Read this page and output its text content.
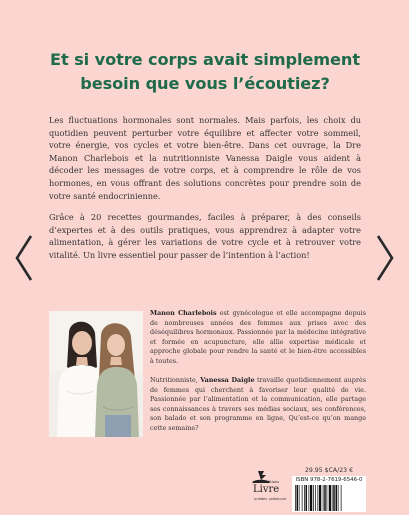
Et si votre corps avait simplement
besoin que vous l’écoutiez?

Les fluctuations hormonales sont normales. Mais parfois, les choix du quotidien peuvent perturber votre équilibre et affecter votre sommeil, votre énergie, vos cycles et votre bien-être. Dans cet ouvrage, la Dre Manon Charlebois et la nutritionniste Vanessa Daigle vous aident à décoder les messages de votre corps, et à comprendre le rôle de vos hormones, en vous offrant des solutions concrètes pour prendre soin de votre santé endocrinienne.

Grâce à 20 recettes gourmandes, faciles à préparer, à des conseils d’expertes et à des outils pratiques, vous apprendrez à adapter votre alimentation, à gérer les variations de votre cycle et à retrouver votre vitalité. Un livre essentiel pour passer de l’intention à l’action!

Manon Charlebois est gynécologue et elle accompagne depuis de nombreuses années des femmes aux prises avec des déséquilibres hormonaux. Passionnée par la médecine intégrative et formée en acupuncture, elle allie expertise médicale et approche globale pour rendre la santé et le bien-être accessibles à toutes.

Nutritionniste, Vanessa Daigle travaille quotidiennement auprès de femmes qui cherchent à favoriser leur qualité de vie. Passionnée par l’alimentation et la communication, elle partage ses connaissances à travers ses médias sociaux, ses conférences, son balado et son programme en ligne, Qu’est-ce qu’on mange cette semaine?

Les Éditions
Livre
QUÉBEC AMÉRIQUE
29.95 $CA/23 €
ISBN 978-2-7619-6546-0
